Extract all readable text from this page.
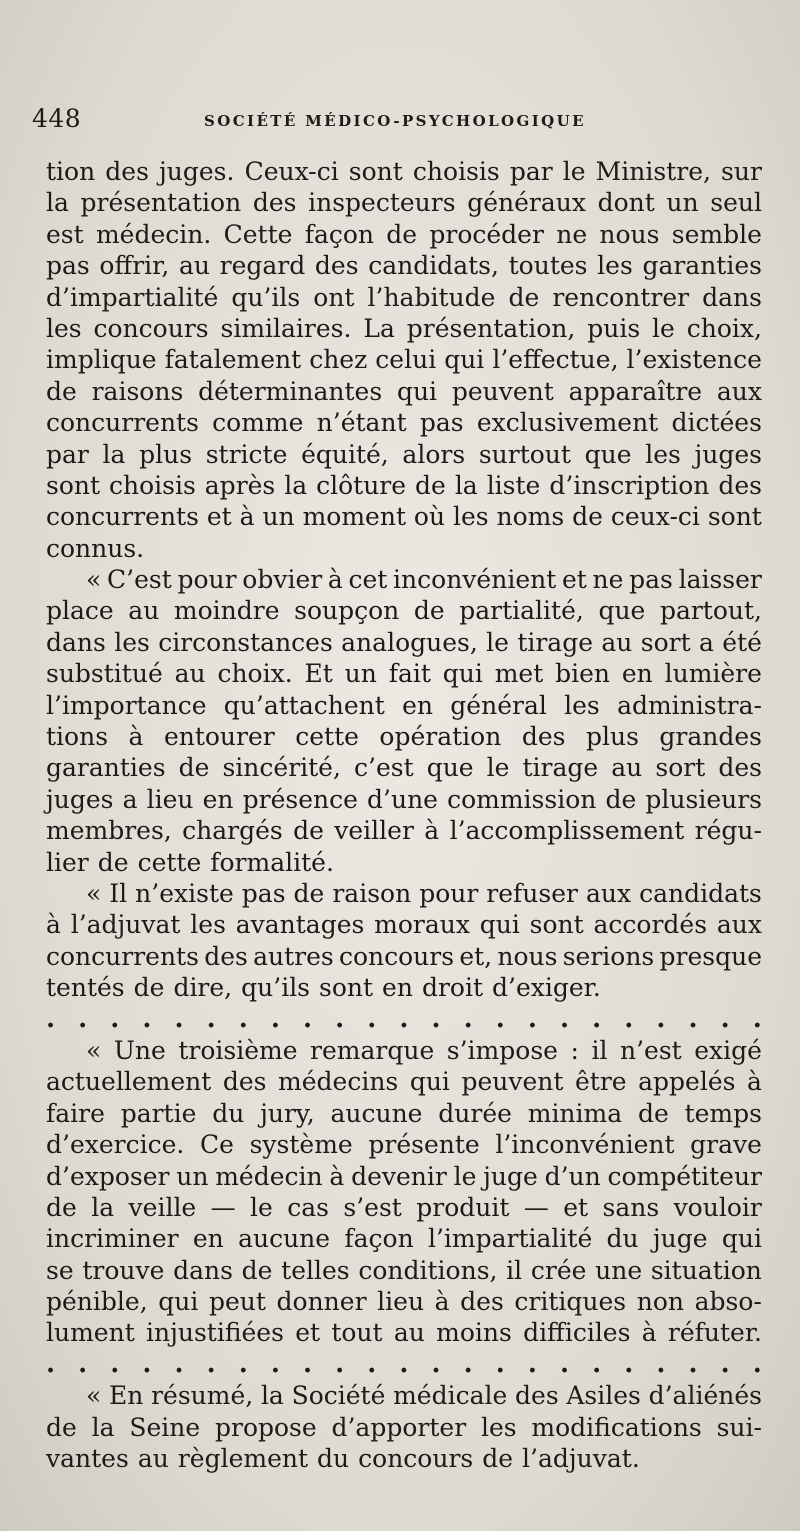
448	SOCIÉTÉ MÉDICO-PSYCHOLOGIQUE
tion des juges. Ceux-ci sont choisis par le Ministre, sur
la présentation des inspecteurs généraux dont un seul
est médecin. Cette façon de procéder ne nous semble
pas offrir, au regard des candidats, toutes les garanties
d’impartialité qu’ils ont l’habitude de rencontrer dans
les concours similaires. La présentation, puis le choix,
implique fatalement chez celui qui l’effectue, l’existence
de raisons déterminantes qui peuvent apparaître aux
concurrents comme n’étant pas exclusivement dictées
par la plus stricte équité, alors surtout que les juges
sont choisis après la clôture de la liste d’inscription des
concurrents et à un moment où les noms de ceux-ci sont
connus.
« C’est pour obvier à cet inconvénient et ne pas laisser
place au moindre soupçon de partialité, que partout,
dans les circonstances analogues, le tirage au sort a été
substitué au choix. Et un fait qui met bien en lumière
l’importance qu’attachent en général les administra-
tions à entourer cette opération des plus grandes
garanties de sincérité, c’est que le tirage au sort des
juges a lieu en présence d’une commission de plusieurs
membres, chargés de veiller à l’accomplissement régu-
lier de cette formalité.
« Il n’existe pas de raison pour refuser aux candidats
à l’adjuvat les avantages moraux qui sont accordés aux
concurrents des autres concours et, nous serions presque
tentés de dire, qu’ils sont en droit d’exiger.
. . . . . . . . . . . . . . . . . . . . . . .
« Une troisième remarque s’impose : il n’est exigé
actuellement des médecins qui peuvent être appelés à
faire partie du jury, aucune durée minima de temps
d’exercice. Ce système présente l’inconvénient grave
d’exposer un médecin à devenir le juge d’un compétiteur
de la veille — le cas s’est produit — et sans vouloir
incriminer en aucune façon l’impartialité du juge qui
se trouve dans de telles conditions, il crée une situation
pénible, qui peut donner lieu à des critiques non abso-
lument injustifiées et tout au moins difficiles à réfuter.
. . . . . . . . . . . . . . . . . . . . . . .
« En résumé, la Société médicale des Asiles d’aliénés
de la Seine propose d’apporter les modifications sui-
vantes au règlement du concours de l’adjuvat.
